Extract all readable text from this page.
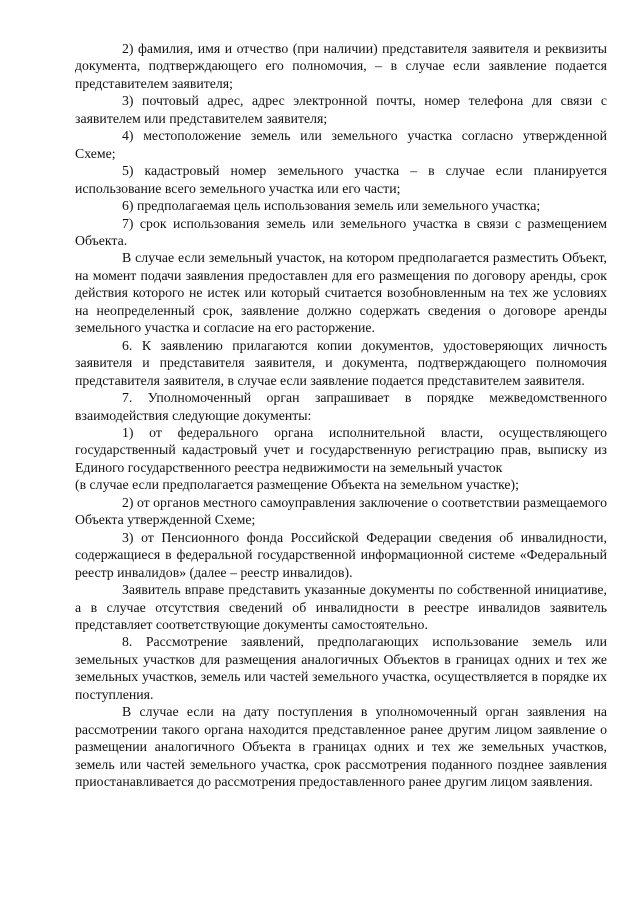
2) фамилия, имя и отчество (при наличии) представителя заявителя и реквизиты документа, подтверждающего его полномочия, – в случае если заявление подается представителем заявителя;

3) почтовый адрес, адрес электронной почты, номер телефона для связи с заявителем или представителем заявителя;

4) местоположение земель или земельного участка согласно утвержденной Схеме;

5) кадастровый номер земельного участка – в случае если планируется использование всего земельного участка или его части;

6) предполагаемая цель использования земель или земельного участка;

7) срок использования земель или земельного участка в связи с размещением Объекта.

В случае если земельный участок, на котором предполагается разместить Объект, на момент подачи заявления предоставлен для его размещения по договору аренды, срок действия которого не истек или который считается возобновленным на тех же условиях на неопределенный срок, заявление должно содержать сведения о договоре аренды земельного участка и согласие на его расторжение.

6. К заявлению прилагаются копии документов, удостоверяющих личность заявителя и представителя заявителя, и документа, подтверждающего полномочия представителя заявителя, в случае если заявление подается представителем заявителя.

7. Уполномоченный орган запрашивает в порядке межведомственного взаимодействия следующие документы:

1) от федерального органа исполнительной власти, осуществляющего государственный кадастровый учет и государственную регистрацию прав, выписку из Единого государственного реестра недвижимости на земельный участок

(в случае если предполагается размещение Объекта на земельном участке);

2) от органов местного самоуправления заключение о соответствии размещаемого Объекта утвержденной Схеме;

3) от Пенсионного фонда Российской Федерации сведения об инвалидности, содержащиеся в федеральной государственной информационной системе «Федеральный реестр инвалидов» (далее – реестр инвалидов).

Заявитель вправе представить указанные документы по собственной инициативе, а в случае отсутствия сведений об инвалидности в реестре инвалидов заявитель представляет соответствующие документы самостоятельно.

8. Рассмотрение заявлений, предполагающих использование земель или земельных участков для размещения аналогичных Объектов в границах одних и тех же земельных участков, земель или частей земельного участка, осуществляется в порядке их поступления.

В случае если на дату поступления в уполномоченный орган заявления на рассмотрении такого органа находится представленное ранее другим лицом заявление о размещении аналогичного Объекта в границах одних и тех же земельных участков, земель или частей земельного участка, срок рассмотрения поданного позднее заявления приостанавливается до рассмотрения предоставленного ранее другим лицом заявления.
